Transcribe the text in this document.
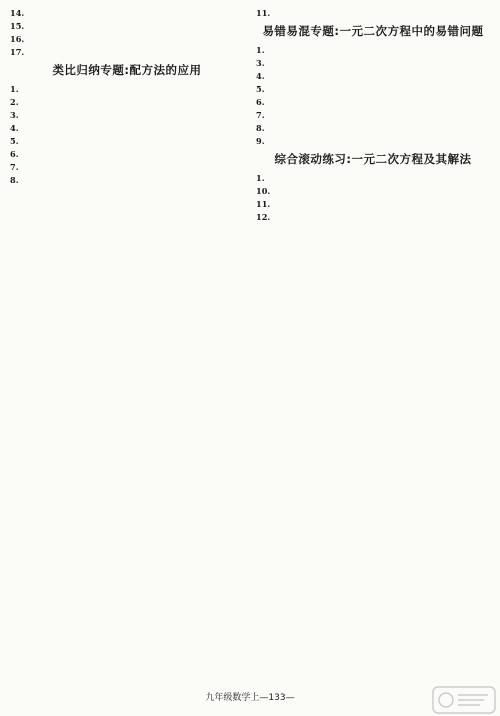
14.
15.
16.
17.
类比归纳专题:配方法的应用
1.
2.
3.
4.
5.
6.
7.
8.
11.
易错易混专题:一元二次方程中的易错问题
1.
3.
4.
5.
6.
7.
8.
9.
综合滚动练习:一元二次方程及其解法
1.
10.
11.
12.
九年级数学上—133—
